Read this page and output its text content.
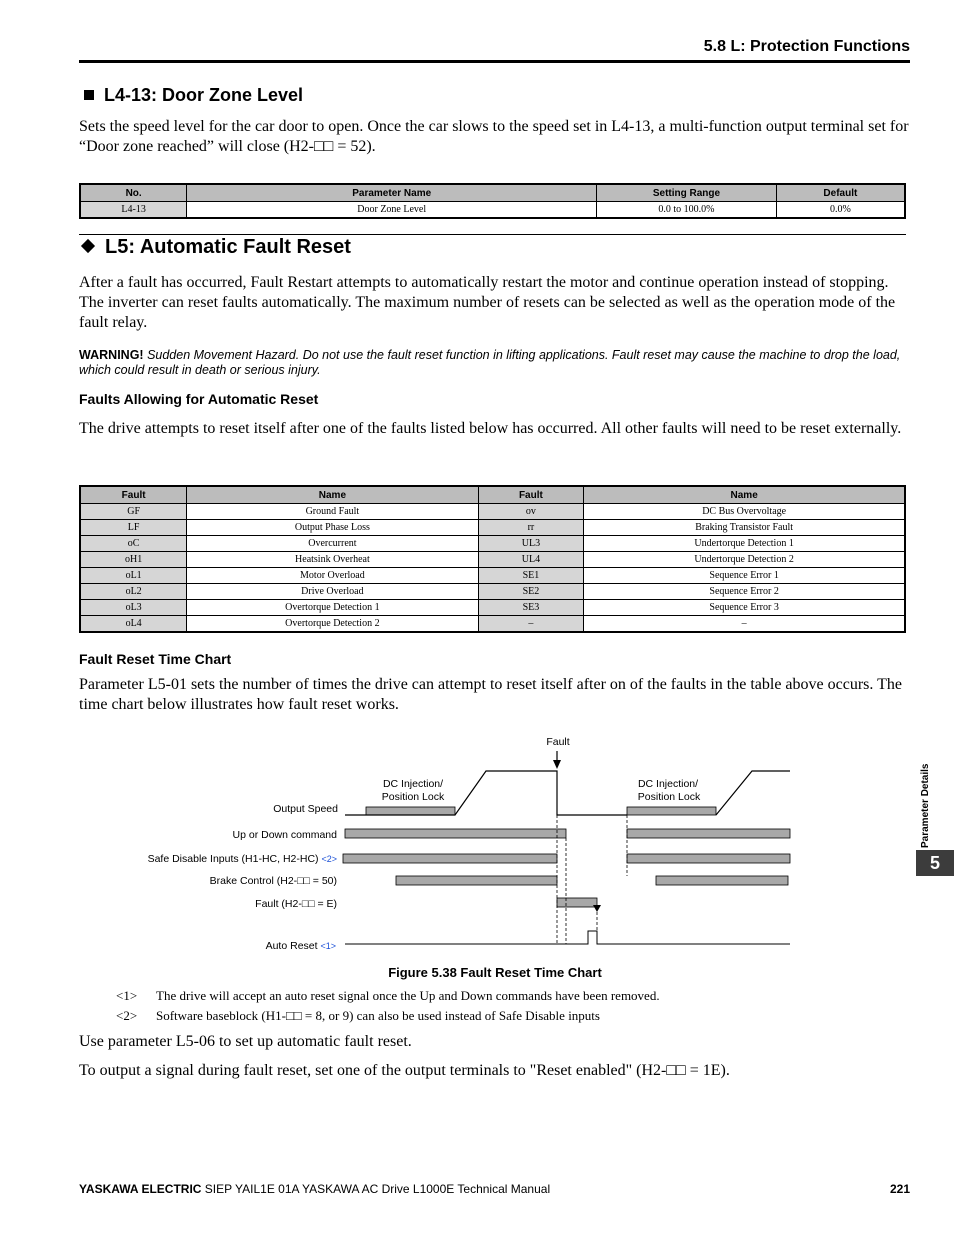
5.8 L: Protection Functions
L4-13: Door Zone Level

Sets the speed level for the car door to open. Once the car slows to the speed set in L4-13, a multi-function output terminal set for “Door zone reached” will close (H2-□□ = 52).

No.	Parameter Name	Setting Range	Default
L4-13	Door Zone Level	0.0 to 100.0%	0.0%
L5: Automatic Fault Reset

After a fault has occurred, Fault Restart attempts to automatically restart the motor and continue operation instead of stopping. The inverter can reset faults automatically. The maximum number of resets can be selected as well as the operation mode of the fault relay.

WARNING! Sudden Movement Hazard. Do not use the fault reset function in lifting applications. Fault reset may cause the machine to drop the load, which could result in death or serious injury.
Faults Allowing for Automatic Reset

The drive attempts to reset itself after one of the faults listed below has occurred. All other faults will need to be reset externally.

Fault	Name	Fault	Name
GF	Ground Fault	ov	DC Bus Overvoltage
LF	Output Phase Loss	rr	Braking Transistor Fault
oC	Overcurrent	UL3	Undertorque Detection 1
oH1	Heatsink Overheat	UL4	Undertorque Detection 2
oL1	Motor Overload	SE1	Sequence Error 1
oL2	Drive Overload	SE2	Sequence Error 2
oL3	Overtorque Detection 1	SE3	Sequence Error 3
oL4	Overtorque Detection 2	–	–
Fault Reset Time Chart

Parameter L5-01 sets the number of times the drive can attempt to reset itself after on of the faults in the table above occurs. The time chart below illustrates how fault reset works.

Fault
DC Injection/
Position Lock
DC Injection/
Position Lock
Output Speed
Up or Down command
Safe Disable Inputs (H1-HC, H2-HC) <2>
Brake Control (H2-□□ = 50)
Fault (H2-□□ = E)
Auto Reset <1>
Figure 5.38 Fault Reset Time Chart
<1> The drive will accept an auto reset signal once the Up and Down commands have been removed.
<2> Software baseblock (H1-□□ = 8, or 9) can also be used instead of Safe Disable inputs

Use parameter L5-06 to set up automatic fault reset.

To output a signal during fault reset, set one of the output terminals to "Reset enabled" (H2-□□ = 1E).

Parameter Details
5
YASKAWA ELECTRIC SIEP YAIL1E 01A YASKAWA AC Drive L1000E Technical Manual	221
